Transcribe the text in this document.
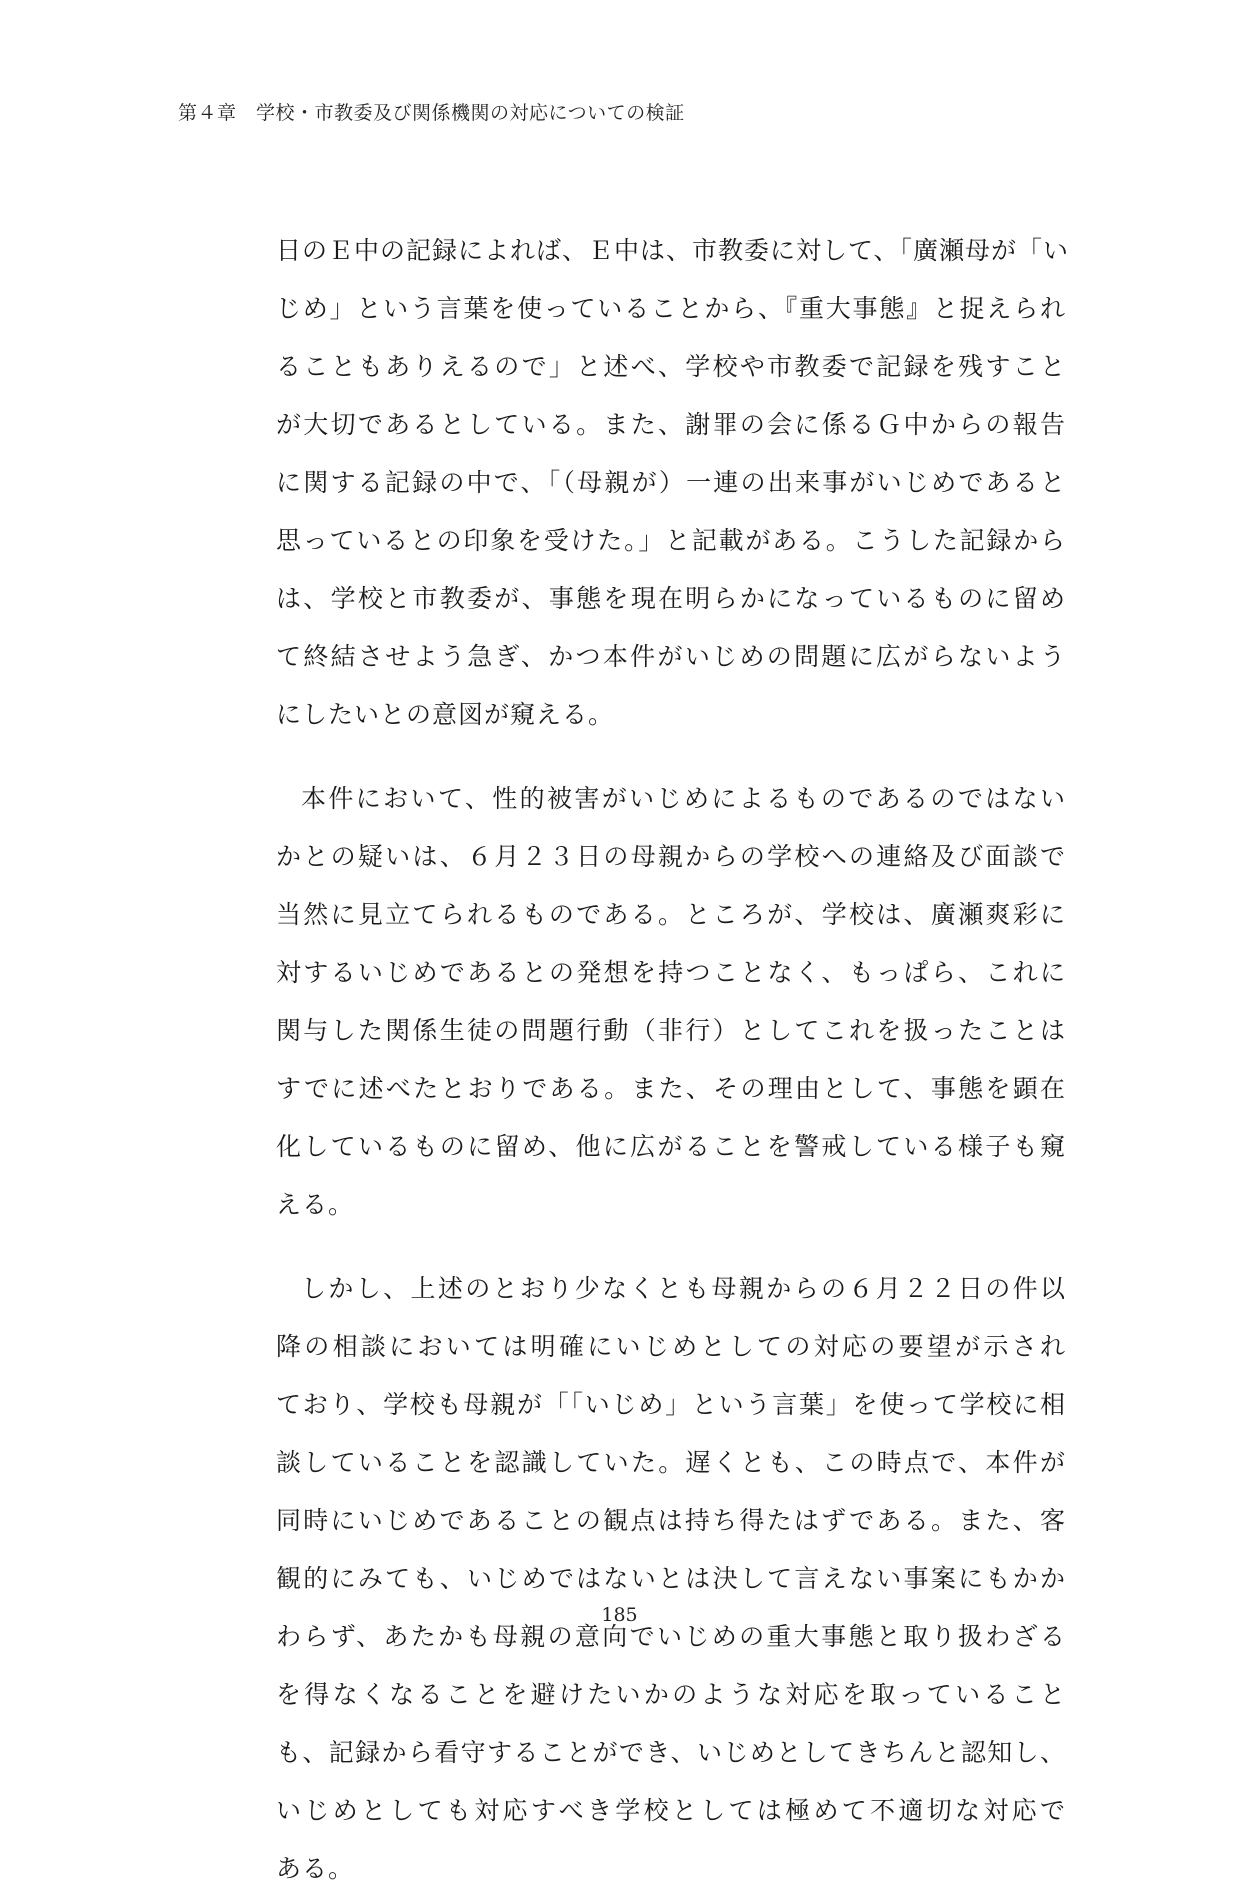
第４章　学校・市教委及び関係機関の対応についての検証
日のＥ中の記録によれば、Ｅ中は、市教委に対して、「廣瀬母が「い
じめ」という言葉を使っていることから、『重大事態』と捉えられ
ることもありえるので」と述べ、学校や市教委で記録を残すこと
が大切であるとしている。また、謝罪の会に係るＧ中からの報告
に関する記録の中で、「（母親が）一連の出来事がいじめであると
思っているとの印象を受けた。」と記載がある。こうした記録から
は、学校と市教委が、事態を現在明らかになっているものに留め
て終結させよう急ぎ、かつ本件がいじめの問題に広がらないよう
にしたいとの意図が窺える。
本件において、性的被害がいじめによるものであるのではない
かとの疑いは、６月２３日の母親からの学校への連絡及び面談で
当然に見立てられるものである。ところが、学校は、廣瀬爽彩に
対するいじめであるとの発想を持つことなく、もっぱら、これに
関与した関係生徒の問題行動（非行）としてこれを扱ったことは
すでに述べたとおりである。また、その理由として、事態を顕在
化しているものに留め、他に広がることを警戒している様子も窺
える。
しかし、上述のとおり少なくとも母親からの６月２２日の件以
降の相談においては明確にいじめとしての対応の要望が示され
ており、学校も母親が「「いじめ」という言葉」を使って学校に相
談していることを認識していた。遅くとも、この時点で、本件が
同時にいじめであることの観点は持ち得たはずである。また、客
観的にみても、いじめではないとは決して言えない事案にもかか
わらず、あたかも母親の意向でいじめの重大事態と取り扱わざる
を得なくなることを避けたいかのような対応を取っていること
も、記録から看守することができ、いじめとしてきちんと認知し、
いじめとしても対応すべき学校としては極めて不適切な対応で
ある。
185
